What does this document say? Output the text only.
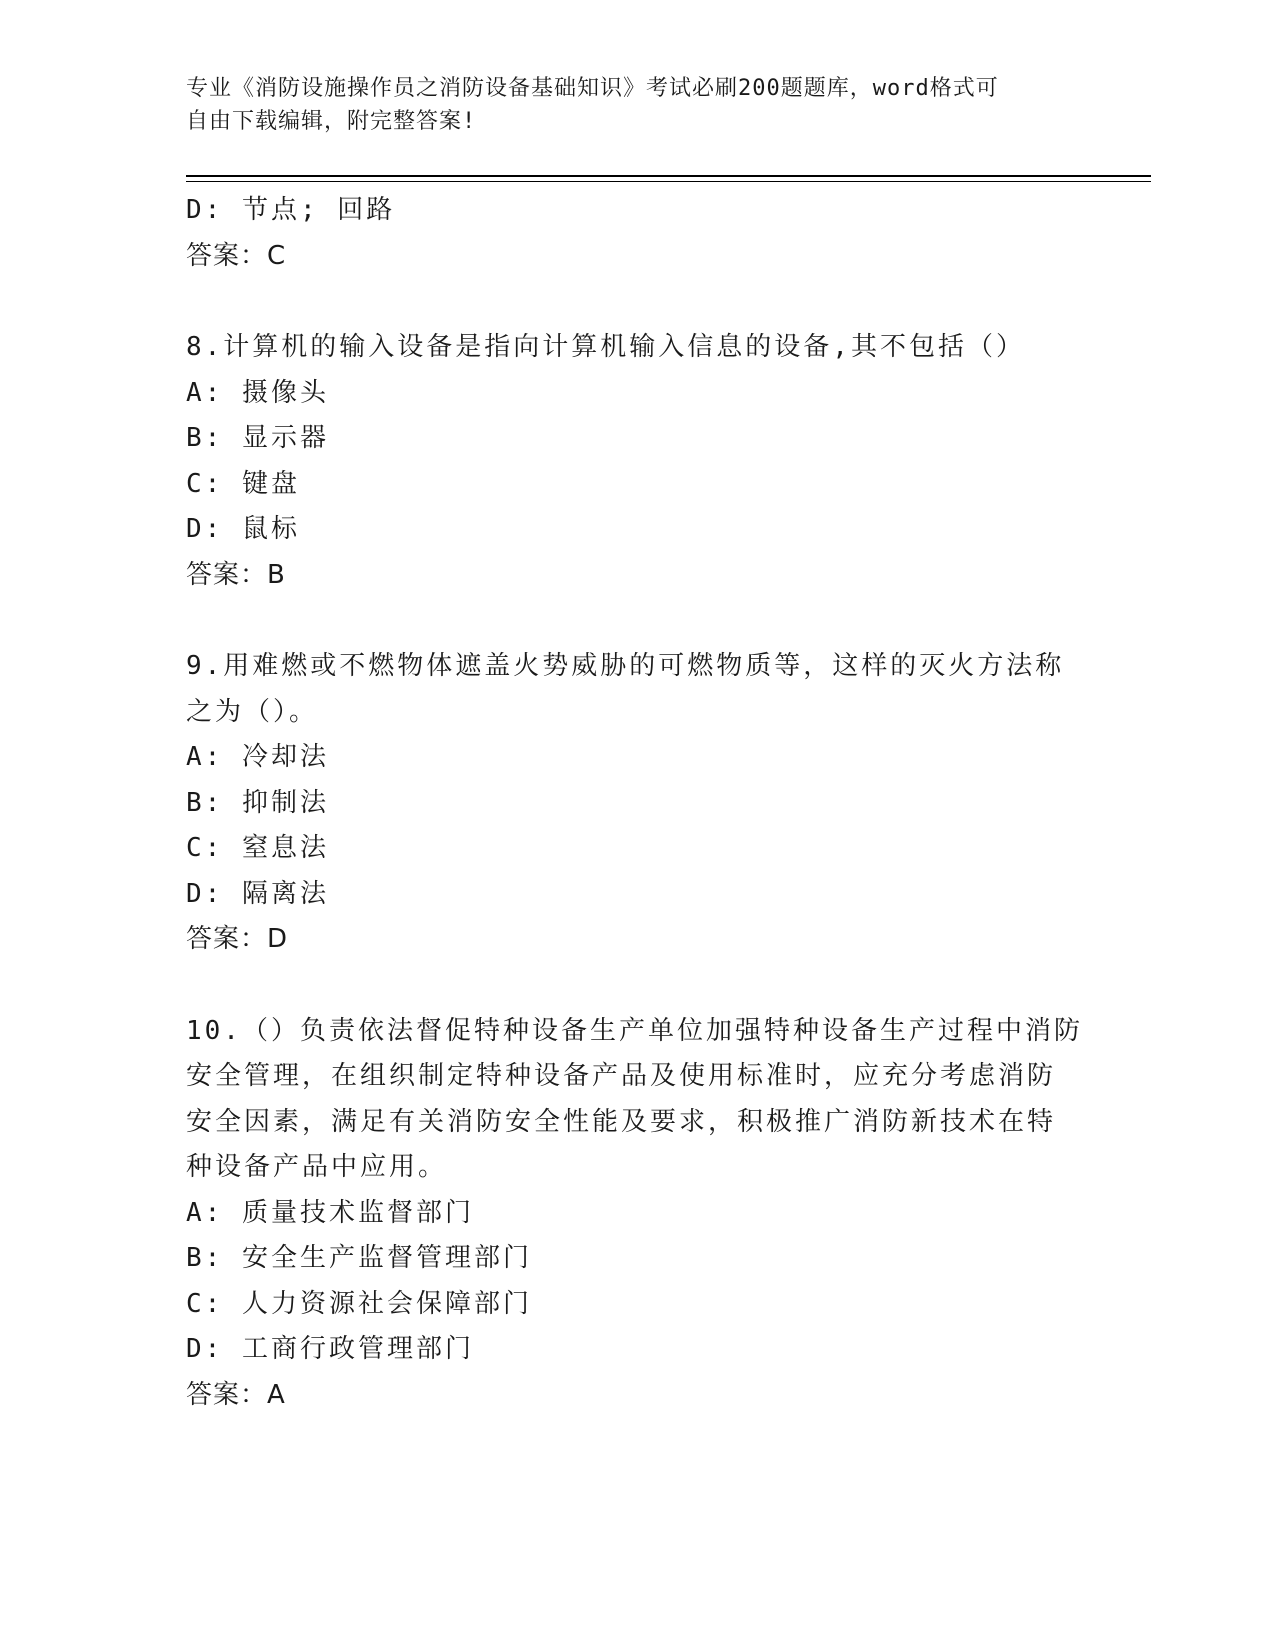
专业《消防设施操作员之消防设备基础知识》考试必刷200题题库，word格式可
自由下载编辑，附完整答案!
D: 节点; 回路
答案：C
8.计算机的输入设备是指向计算机输入信息的设备,其不包括（）
A: 摄像头
B: 显示器
C: 键盘
D: 鼠标
答案：B
9.用难燃或不燃物体遮盖火势威胁的可燃物质等，这样的灭火方法称
之为（）。
A: 冷却法
B: 抑制法
C: 窒息法
D: 隔离法
答案：D
10.（）负责依法督促特种设备生产单位加强特种设备生产过程中消防
安全管理，在组织制定特种设备产品及使用标准时，应充分考虑消防
安全因素，满足有关消防安全性能及要求，积极推广消防新技术在特
种设备产品中应用。
A: 质量技术监督部门
B: 安全生产监督管理部门
C: 人力资源社会保障部门
D: 工商行政管理部门
答案：A
